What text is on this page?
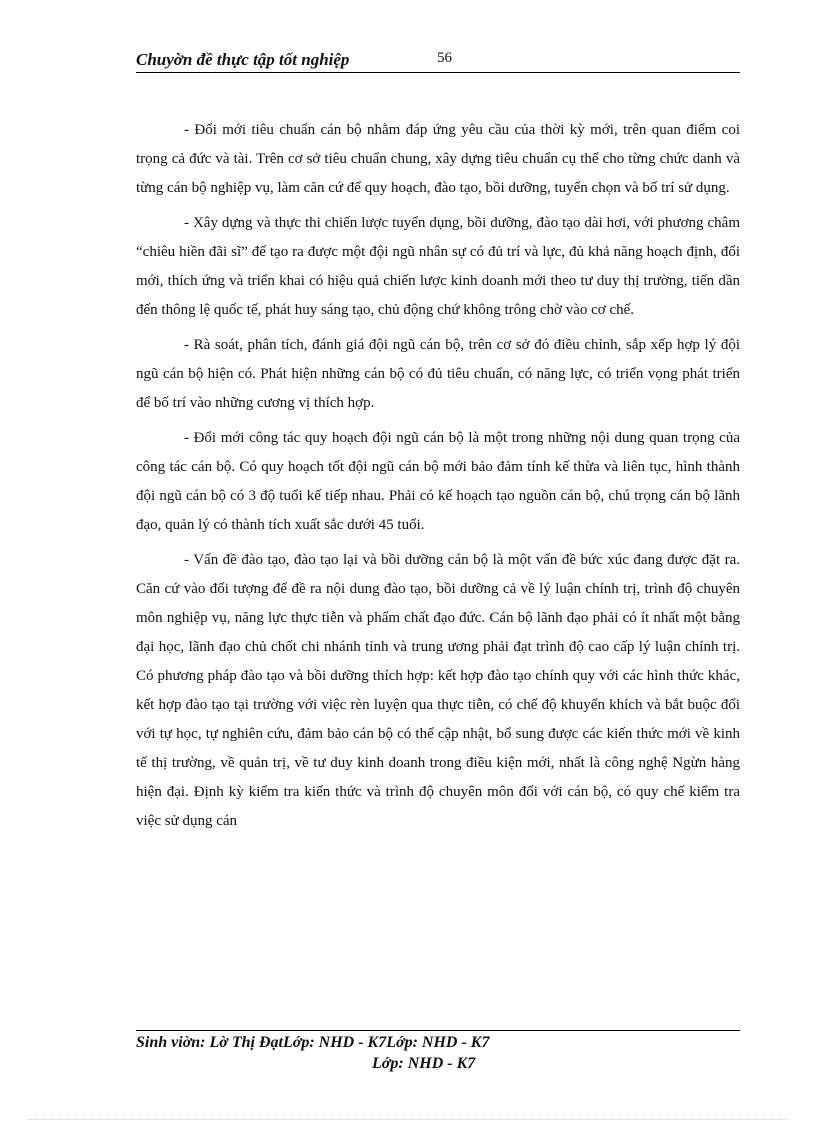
Chuyờn đề thực tập tốt nghiệp	56

- Đổi mới tiêu chuẩn cán bộ nhằm đáp ứng yêu cầu của thời kỳ mới, trên quan điểm coi trọng cả đức và tài. Trên cơ sở tiêu chuẩn chung, xây dựng tiêu chuẩn cụ thể cho từng chức danh và từng cán bộ nghiệp vụ, làm căn cứ để quy hoạch, đào tạo, bồi dưỡng, tuyển chọn và bố trí sử dụng.

- Xây dựng và thực thi chiến lược tuyển dụng, bồi dưỡng, đào tạo dài hơi, với phương châm “chiêu hiền đãi sĩ” để tạo ra được một đội ngũ nhân sự có đủ trí và lực, đủ khả năng hoạch định, đổi mới, thích ứng và triển khai có hiệu quả chiến lược kinh doanh mới theo tư duy thị trường, tiến dần đến thông lệ quốc tế, phát huy sáng tạo, chủ động chứ không trông chờ vào cơ chế.

- Rà soát, phân tích, đánh giá đội ngũ cán bộ, trên cơ sở đó điều chỉnh, sắp xếp hợp lý đội ngũ cán bộ hiện có. Phát hiện những cán bộ có đủ tiêu chuẩn, có năng lực, có triển vọng phát triển để bố trí vào những cương vị thích hợp.

- Đổi mới công tác quy hoạch đội ngũ cán bộ là một trong những nội dung quan trọng của công tác cán bộ. Có quy hoạch tốt đội ngũ cán bộ mới bảo đảm tính kế thừa và liên tục, hình thành đội ngũ cán bộ có 3 độ tuổi kế tiếp nhau. Phải có kế hoạch tạo nguồn cán bộ, chú trọng cán bộ lãnh đạo, quản lý có thành tích xuất sắc dưới 45 tuổi.

- Vấn đề đào tạo, đào tạo lại và bồi dưỡng cán bộ là một vấn đề bức xúc đang được đặt ra. Căn cứ vào đối tượng để đề ra nội dung đào tạo, bồi dưỡng cả về lý luận chính trị, trình độ chuyên môn nghiệp vụ, năng lực thực tiễn và phẩm chất đạo đức. Cán bộ lãnh đạo phải có ít nhất một bằng đại học, lãnh đạo chủ chốt chi nhánh tỉnh và trung ương phải đạt trình độ cao cấp lý luận chính trị. Có phương pháp đào tạo và bồi dưỡng thích hợp: kết hợp đào tạo chính quy với các hình thức khác, kết hợp đào tạo tại trường với việc rèn luyện qua thực tiễn, có chế độ khuyến khích và bắt buộc đối với tự học, tự nghiên cứu, đảm bảo cán bộ có thể cập nhật, bổ sung được các kiến thức mới về kinh tế thị trường, về quản trị, về tư duy kinh doanh trong điều kiện mới, nhất là công nghệ Ngừn hàng hiện đại. Định kỳ kiểm tra kiến thức và trình độ chuyên môn đối với cán bộ, có quy chế kiểm tra việc sử dụng cán

Sinh viờn: Lờ Thị ĐạtLớp: NHD - K7Lớp: NHD - K7
Lớp: NHD - K7
